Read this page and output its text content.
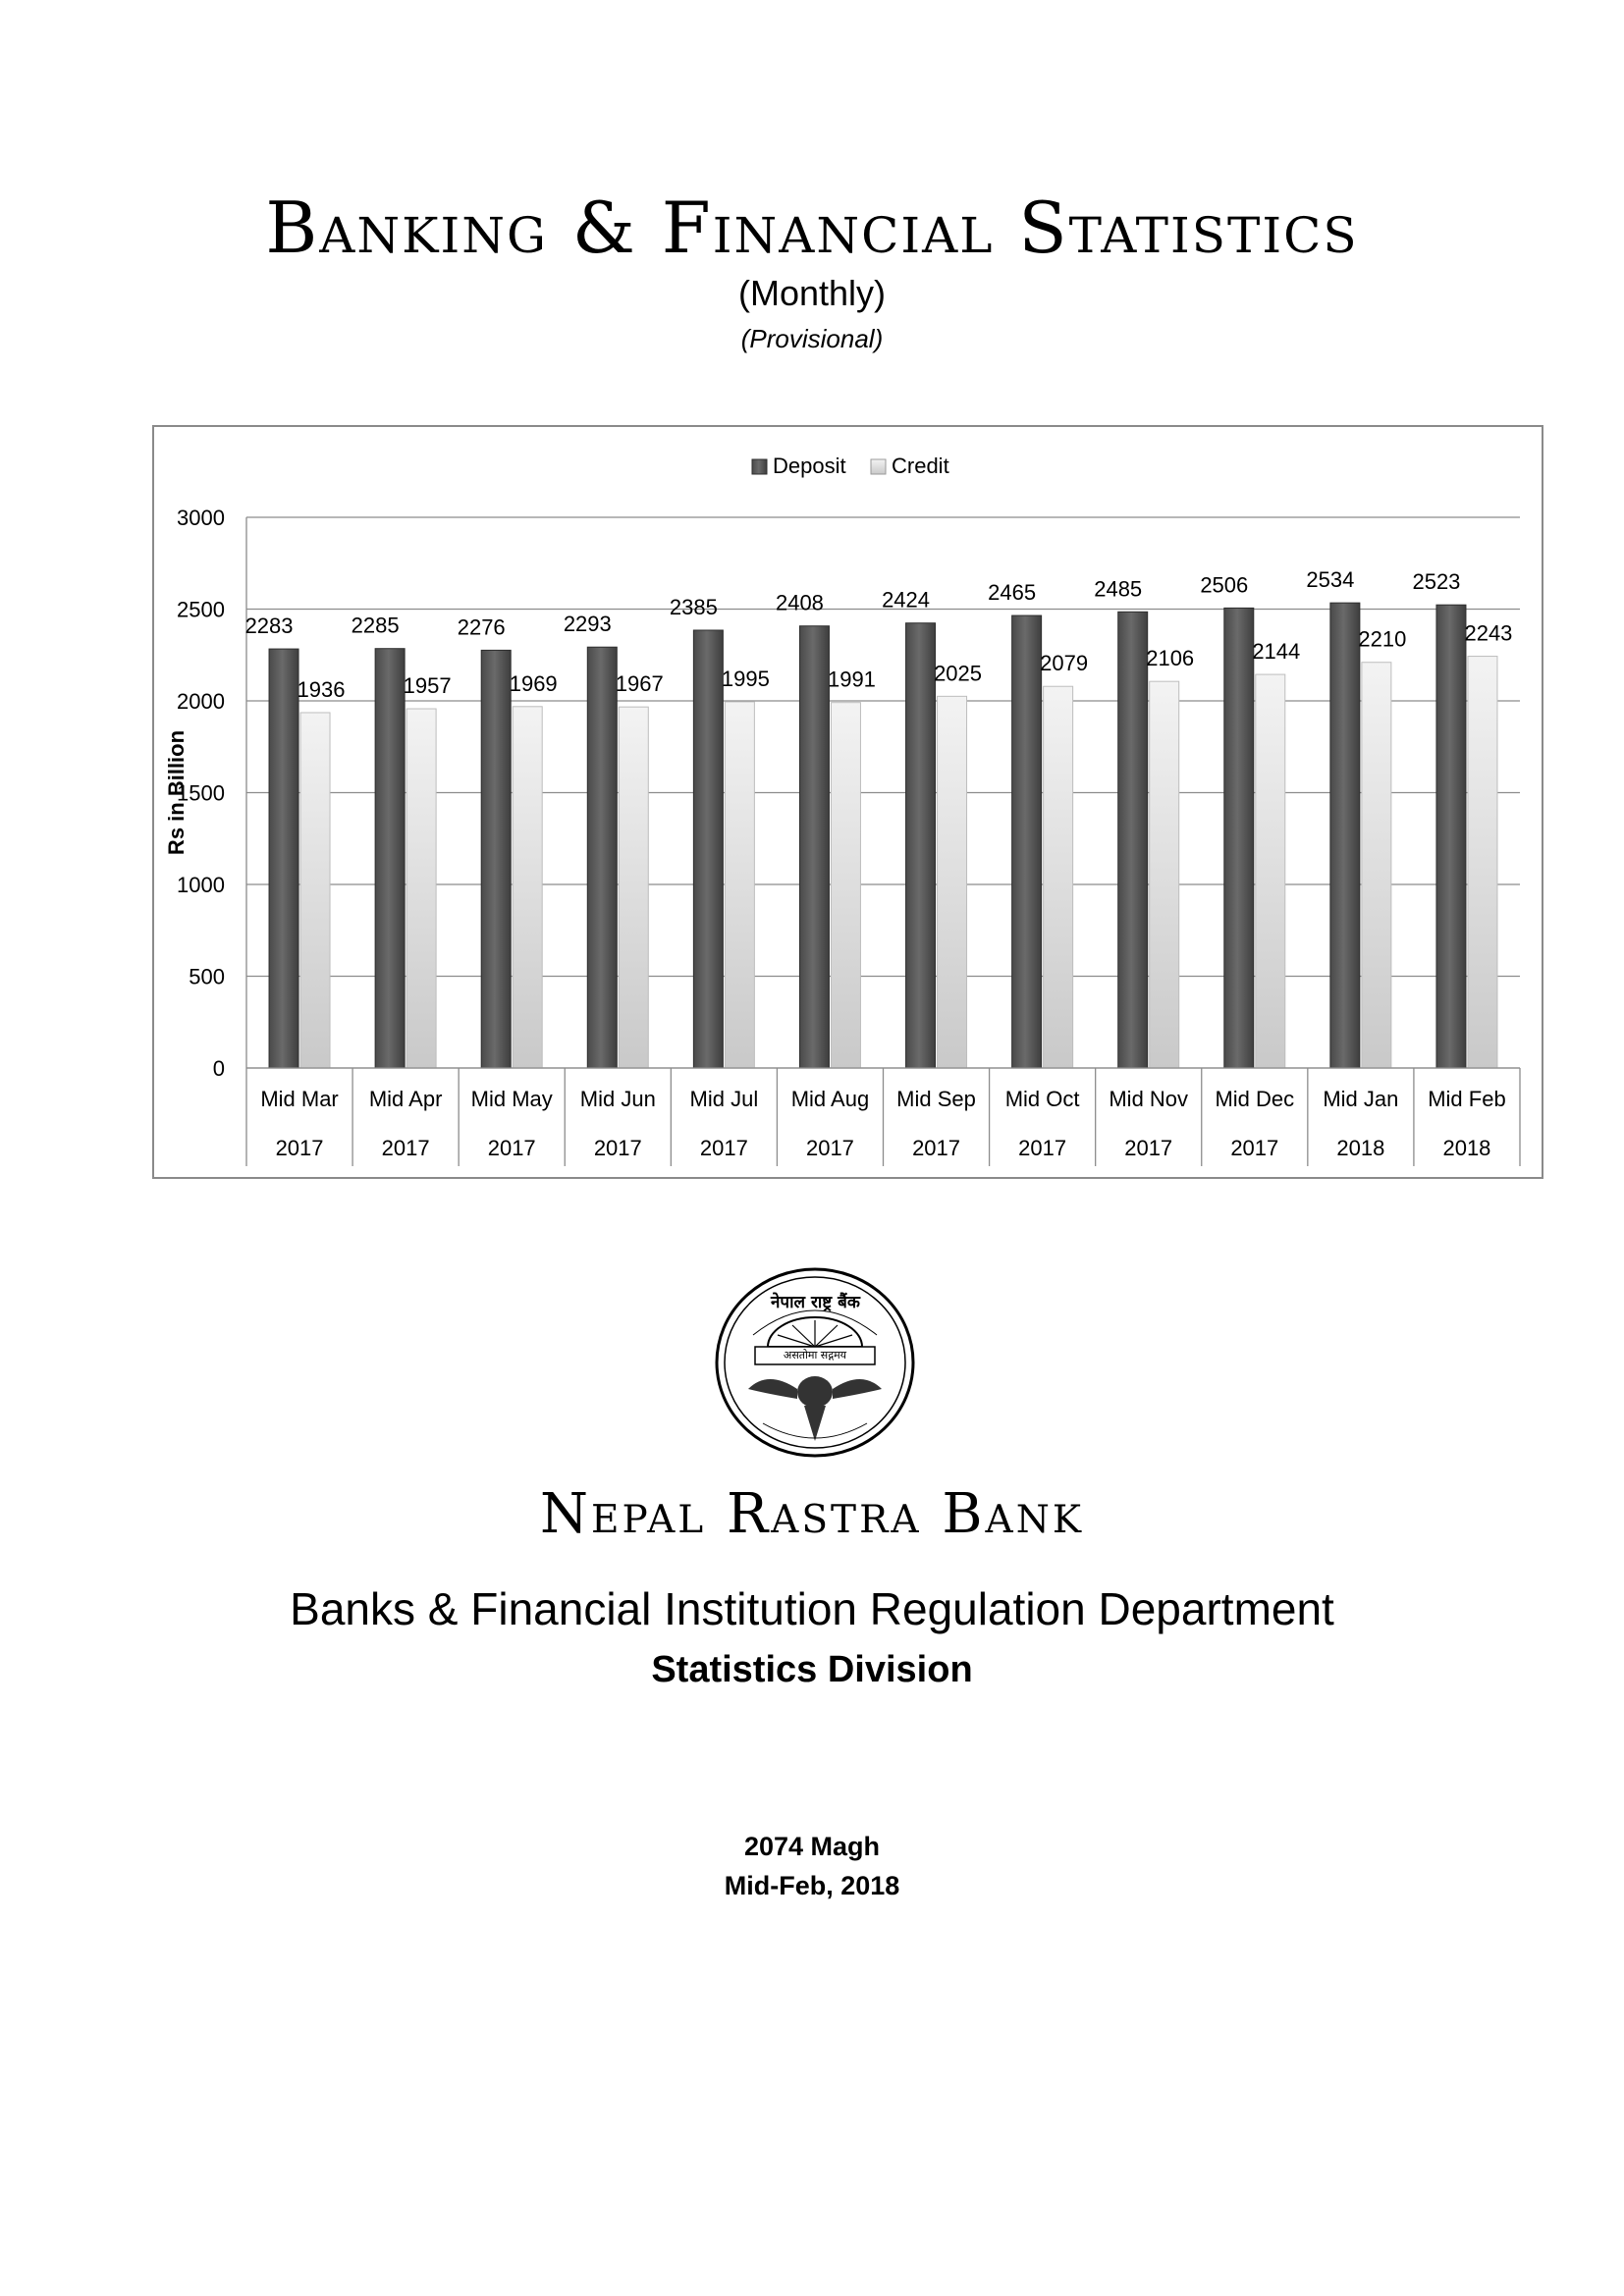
Banking & Financial Statistics

(Monthly)

(Provisional)

0
500
1000
1500
2000
2500
3000
Rs in Billion
2283
1936
Mid Mar
2017
2285
1957
Mid Apr
2017
2276
1969
Mid May
2017
2293
1967
Mid Jun
2017
2385
1995
Mid Jul
2017
2408
1991
Mid Aug
2017
2424
2025
Mid Sep
2017
2465
2079
Mid Oct
2017
2485
2106
Mid Nov
2017
2506
2144
Mid Dec
2017
2534
2210
Mid Jan
2018
2523
2243
Mid Feb
2018
Deposit Credit
नेपाल राष्ट्र बैंक
असतोमा सद्गमय
Nepal Rastra Bank

Banks & Financial Institution Regulation Department

Statistics Division

2074 Magh

Mid-Feb, 2018
